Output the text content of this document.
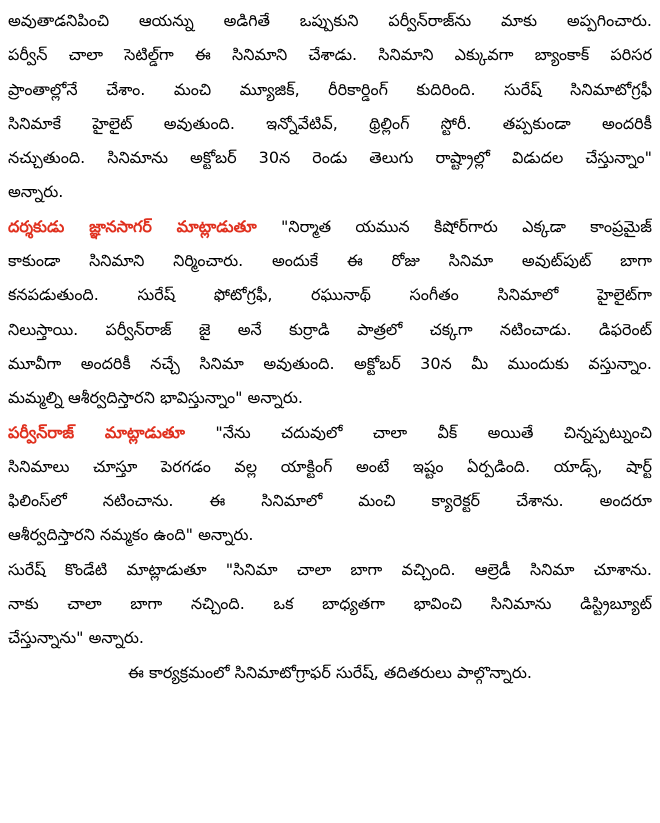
అవుతాడనిపించి ఆయన్ను అడిగితే ఒప్పుకుని పర్వీన్‌రాజ్‌ను మాకు అప్పగించారు.
పర్వీన్ చాలా సెటిల్డ్‌గా ఈ సినిమాని చేశాడు. సినిమాని ఎక్కువగా బ్యాంకాక్ పరిసర
ప్రాంతాల్లోనే చేశాం. మంచి మ్యూజిక్, రీరికార్డింగ్ కుదిరింది. సురేష్ సినిమాటోగ్రఫీ
సినిమాకే హైలైట్ అవుతుంది. ఇన్నోవేటివ్, థ్రిల్లింగ్ స్టోరీ. తప్పకుండా అందరికీ
నచ్చుతుంది. సినిమాను అక్టోబర్ 30న రెండు తెలుగు రాష్ట్రాల్లో విడుదల చేస్తున్నాం"
అన్నారు.
దర్శకుడు జ్ఞానసాగర్ మాట్లాడుతూ "నిర్మాత యమున కిషోర్‌గారు ఎక్కడా కాంప్రమైజ్
కాకుండా సినిమాని నిర్మించారు. అందుకే ఈ రోజు సినిమా అవుట్‌పుట్ బాగా
కనపడుతుంది. సురేష్ ఫోటోగ్రఫీ, రఘునాథ్ సంగీతం సినిమాలో హైలైట్‌గా
నిలుస్తాయి. పర్వీన్‌రాజ్ జై అనే కుర్రాడి పాత్రలో చక్కగా నటించాడు. డిఫరెంట్
మూవీగా అందరికీ నచ్చే సినిమా అవుతుంది. అక్టోబర్ 30న మీ ముందుకు వస్తున్నాం.
మమ్మల్ని ఆశీర్వదిస్తారని భావిస్తున్నాం" అన్నారు.
పర్వీన్‌రాజ్ మాట్లాడుతూ "నేను చదువులో చాలా వీక్ అయితే చిన్నప్పట్నుంచి
సినిమాలు చూస్తూ పెరగడం వల్ల యాక్టింగ్ అంటే ఇష్టం ఏర్పడింది. యాడ్స్, షార్ట్
ఫిలింస్‌లో నటించాను. ఈ సినిమాలో మంచి క్యారెక్టర్ చేశాను. అందరూ
ఆశీర్వదిస్తారని నమ్మకం ఉంది" అన్నారు.
సురేష్ కొండేటి మాట్లాడుతూ "సినిమా చాలా బాగా వచ్చింది. ఆల్రెడీ సినిమా చూశాను.
నాకు చాలా బాగా నచ్చింది. ఒక బాధ్యతగా భావించి సినిమాను డిస్ట్రిబ్యూట్
చేస్తున్నాను" అన్నారు.
ఈ కార్యక్రమంలో సినిమాటోగ్రాఫర్ సురేష్, తదితరులు పాల్గొన్నారు.
